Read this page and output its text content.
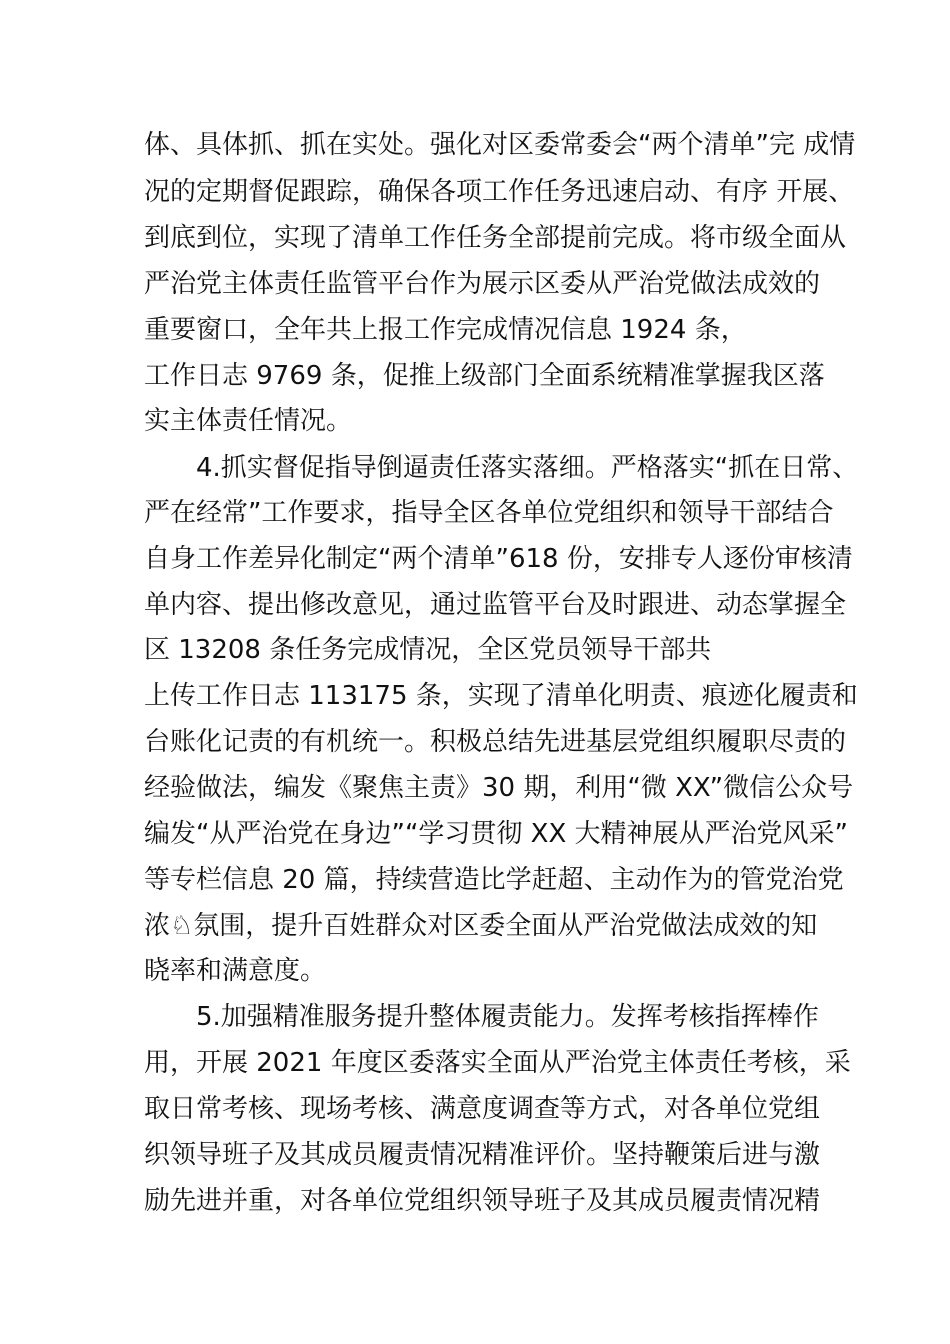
体、具体抓、抓在实处。强化对区委常委会“两个清单”完 成情
况的定期督促跟踪，确保各项工作任务迅速启动、有序 开展、
到底到位，实现了清单工作任务全部提前完成。将市级全面从
严治党主体责任监管平台作为展示区委从严治党做法成效的
重要窗口，全年共上报工作完成情况信息 1924 条，
工作日志 9769 条，促推上级部门全面系统精准掌握我区落
实主体责任情况。
4.抓实督促指导倒逼责任落实落细。严格落实“抓在日常、
严在经常”工作要求，指导全区各单位党组织和领导干部结合
自身工作差异化制定“两个清单”618 份，安排专人逐份审核清
单内容、提出修改意见，通过监管平台及时跟进、动态掌握全
区 13208 条任务完成情况，全区党员领导干部共
上传工作日志 113175 条，实现了清单化明责、痕迹化履责和
台账化记责的有机统一。积极总结先进基层党组织履职尽责的
经验做法，编发《聚焦主责》30 期，利用“微 XX”微信公众号
编发“从严治党在身边”“学习贯彻 XX 大精神展从严治党风采”
等专栏信息 20 篇，持续营造比学赶超、主动作为的管党治党
浓♘氛围，提升百姓群众对区委全面从严治党做法成效的知
晓率和满意度。
5.加强精准服务提升整体履责能力。发挥考核指挥棒作
用，开展 2021 年度区委落实全面从严治党主体责任考核，采
取日常考核、现场考核、满意度调查等方式，对各单位党组
织领导班子及其成员履责情况精准评价。坚持鞭策后进与激
励先进并重，对各单位党组织领导班子及其成员履责情况精
